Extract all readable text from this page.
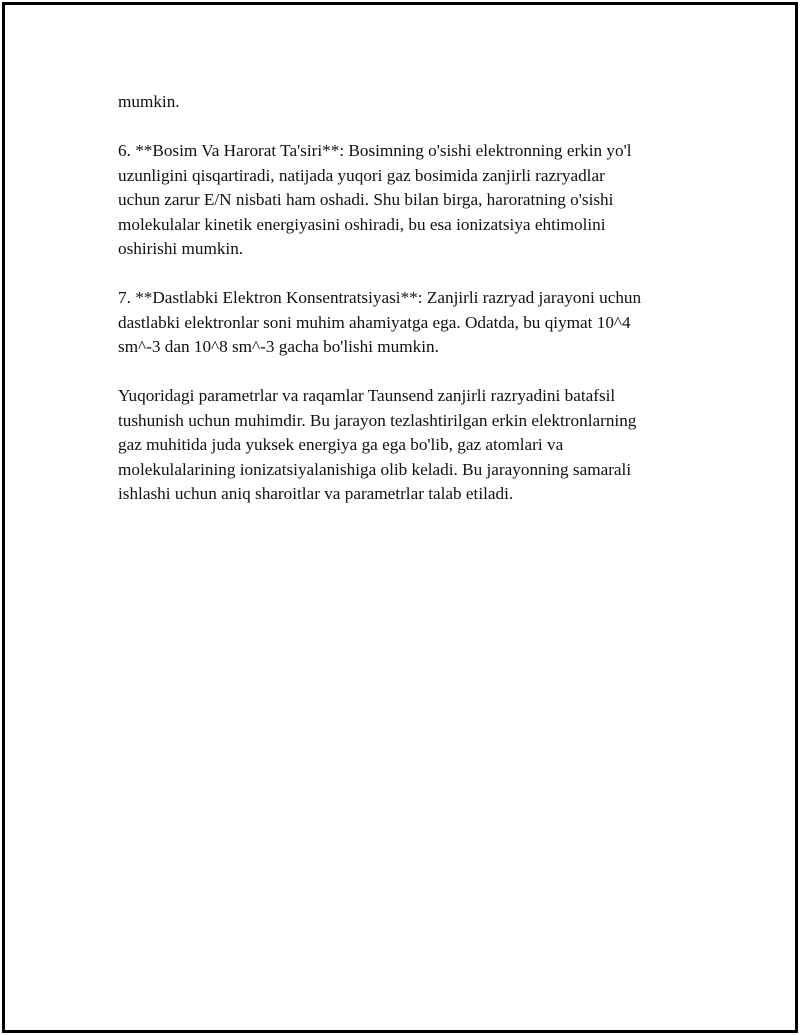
mumkin.

6. **Bosim Va Harorat Ta'siri**: Bosimning o'sishi elektronning erkin yo'l
uzunligini qisqartiradi, natijada yuqori gaz bosimida zanjirli razryadlar
uchun zarur E/N nisbati ham oshadi. Shu bilan birga, haroratning o'sishi
molekulalar kinetik energiyasini oshiradi, bu esa ionizatsiya ehtimolini
oshirishi mumkin.

7. **Dastlabki Elektron Konsentratsiyasi**: Zanjirli razryad jarayoni uchun
dastlabki elektronlar soni muhim ahamiyatga ega. Odatda, bu qiymat 10^4
sm^-3 dan 10^8 sm^-3 gacha bo'lishi mumkin.

Yuqoridagi parametrlar va raqamlar Taunsend zanjirli razryadini batafsil
tushunish uchun muhimdir. Bu jarayon tezlashtirilgan erkin elektronlarning
gaz muhitida juda yuksek energiya ga ega bo'lib, gaz atomlari va
molekulalarining ionizatsiyalanishiga olib keladi. Bu jarayonning samarali
ishlashi uchun aniq sharoitlar va parametrlar talab etiladi.
